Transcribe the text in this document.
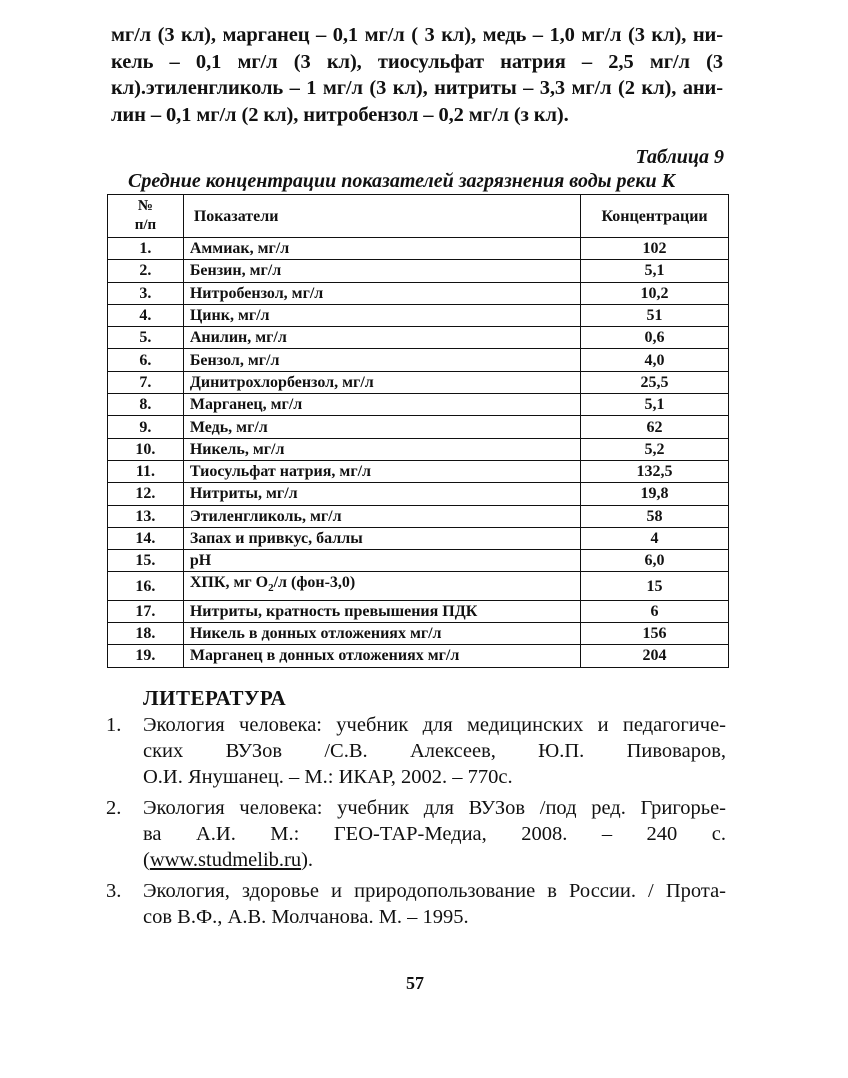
мг/л (3 кл), марганец – 0,1 мг/л ( 3 кл), медь – 1,0 мг/л (3 кл), ни-
кель – 0,1 мг/л (3 кл), тиосульфат натрия – 2,5 мг/л (3
кл).этиленгликоль – 1 мг/л (3 кл), нитриты – 3,3 мг/л (2 кл), ани-
лин – 0,1 мг/л (2 кл), нитробензол – 0,2 мг/л (з кл).
Таблица 9
Средние концентрации показателей загрязнения воды реки К
№
п/п	Показатели	Концентрации
1.	Аммиак, мг/л	102
2.	Бензин, мг/л	5,1
3.	Нитробензол, мг/л	10,2
4.	Цинк, мг/л	51
5.	Анилин, мг/л	0,6
6.	Бензол, мг/л	4,0
7.	Динитрохлорбензол, мг/л	25,5
8.	Марганец, мг/л	5,1
9.	Медь, мг/л	62
10.	Никель, мг/л	5,2
11.	Тиосульфат натрия, мг/л	132,5
12.	Нитриты, мг/л	19,8
13.	Этиленгликоль, мг/л	58
14.	Запах и привкус, баллы	4
15.	pH	6,0
16.	ХПК, мг $O_2/л$ (фон-3,0)	15
17.	Нитриты, кратность превышения ПДК	6
18.	Никель в донных отложениях мг/л	156
19.	Марганец в донных отложениях мг/л	204
ЛИТЕРАТУРА
1.	Экология человека: учебник для медицинских и педагогиче-
ских ВУЗов /С.В. Алексеев, Ю.П. Пивоваров,
О.И. Янушанец. – М.: ИКАР, 2002. – 770с.
2.	Экология человека: учебник для ВУЗов /под ред. Григорье-
ва А.И. М.: ГЕО-ТАР-Медиа, 2008. – 240 с.
(www.studmelib.ru).
3.	Экология, здоровье и природопользование в России. / Прота-
сов В.Ф., А.В. Молчанова. М. – 1995.
57
